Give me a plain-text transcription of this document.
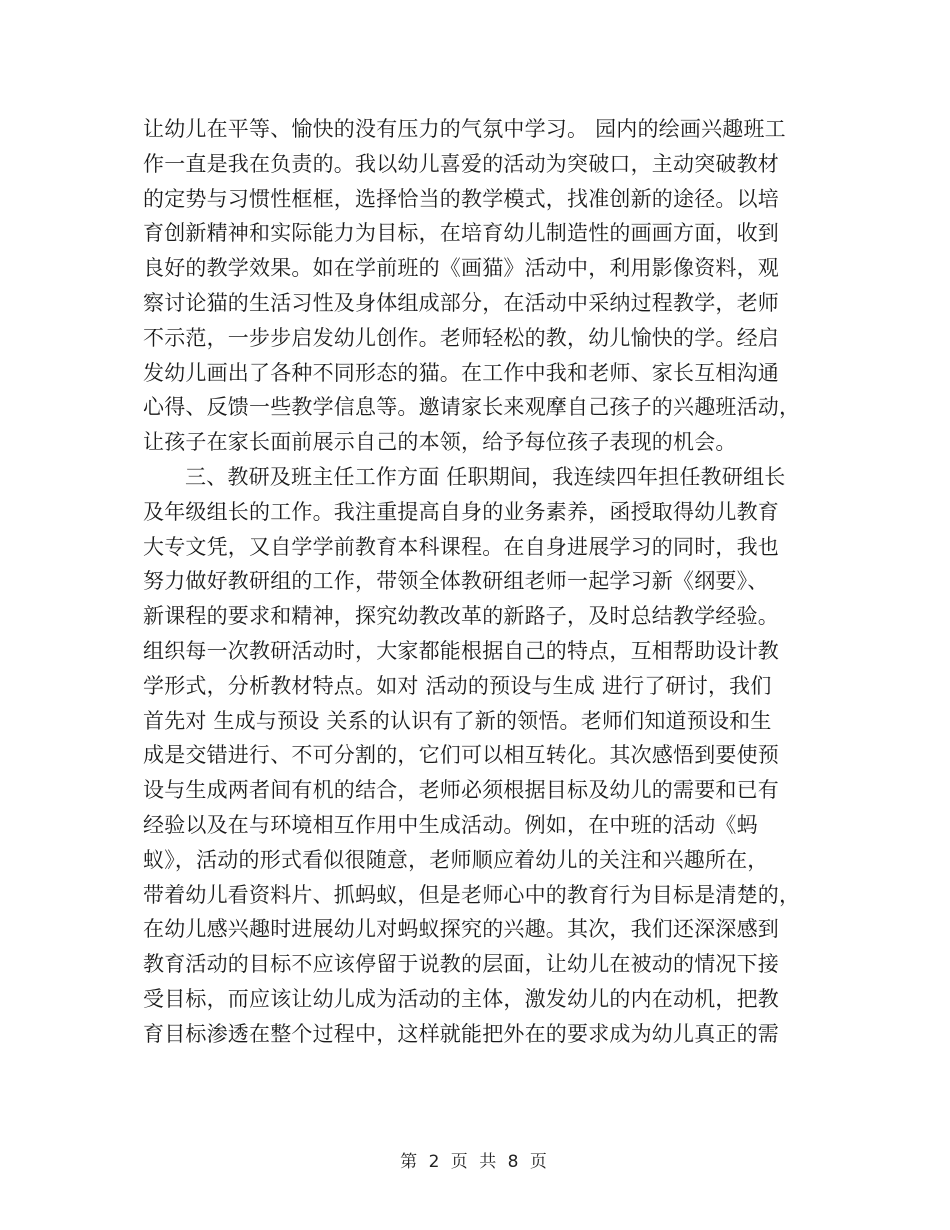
让幼儿在平等、愉快的没有压力的气氛中学习。 园内的绘画兴趣班工
作一直是我在负责的。我以幼儿喜爱的活动为突破口，主动突破教材
的定势与习惯性框框，选择恰当的教学模式，找准创新的途径。以培
育创新精神和实际能力为目标，在培育幼儿制造性的画画方面，收到
良好的教学效果。如在学前班的《画猫》活动中，利用影像资料，观
察讨论猫的生活习性及身体组成部分，在活动中采纳过程教学，老师
不示范，一步步启发幼儿创作。老师轻松的教，幼儿愉快的学。经启
发幼儿画出了各种不同形态的猫。在工作中我和老师、家长互相沟通
心得、反馈一些教学信息等。邀请家长来观摩自己孩子的兴趣班活动，
让孩子在家长面前展示自己的本领，给予每位孩子表现的机会。
三、教研及班主任工作方面 任职期间，我连续四年担任教研组长
及年级组长的工作。我注重提高自身的业务素养，函授取得幼儿教育
大专文凭，又自学学前教育本科课程。在自身进展学习的同时，我也
努力做好教研组的工作，带领全体教研组老师一起学习新《纲要》、
新课程的要求和精神，探究幼教改革的新路子，及时总结教学经验。
组织每一次教研活动时，大家都能根据自己的特点，互相帮助设计教
学形式，分析教材特点。如对 活动的预设与生成 进行了研讨，我们
首先对 生成与预设 关系的认识有了新的领悟。老师们知道预设和生
成是交错进行、不可分割的，它们可以相互转化。其次感悟到要使预
设与生成两者间有机的结合，老师必须根据目标及幼儿的需要和已有
经验以及在与环境相互作用中生成活动。例如，在中班的活动《蚂
蚁》，活动的形式看似很随意，老师顺应着幼儿的关注和兴趣所在，
带着幼儿看资料片、抓蚂蚁，但是老师心中的教育行为目标是清楚的，
在幼儿感兴趣时进展幼儿对蚂蚁探究的兴趣。其次，我们还深深感到
教育活动的目标不应该停留于说教的层面，让幼儿在被动的情况下接
受目标，而应该让幼儿成为活动的主体，激发幼儿的内在动机，把教
育目标渗透在整个过程中，这样就能把外在的要求成为幼儿真正的需
第 2 页 共 8 页
